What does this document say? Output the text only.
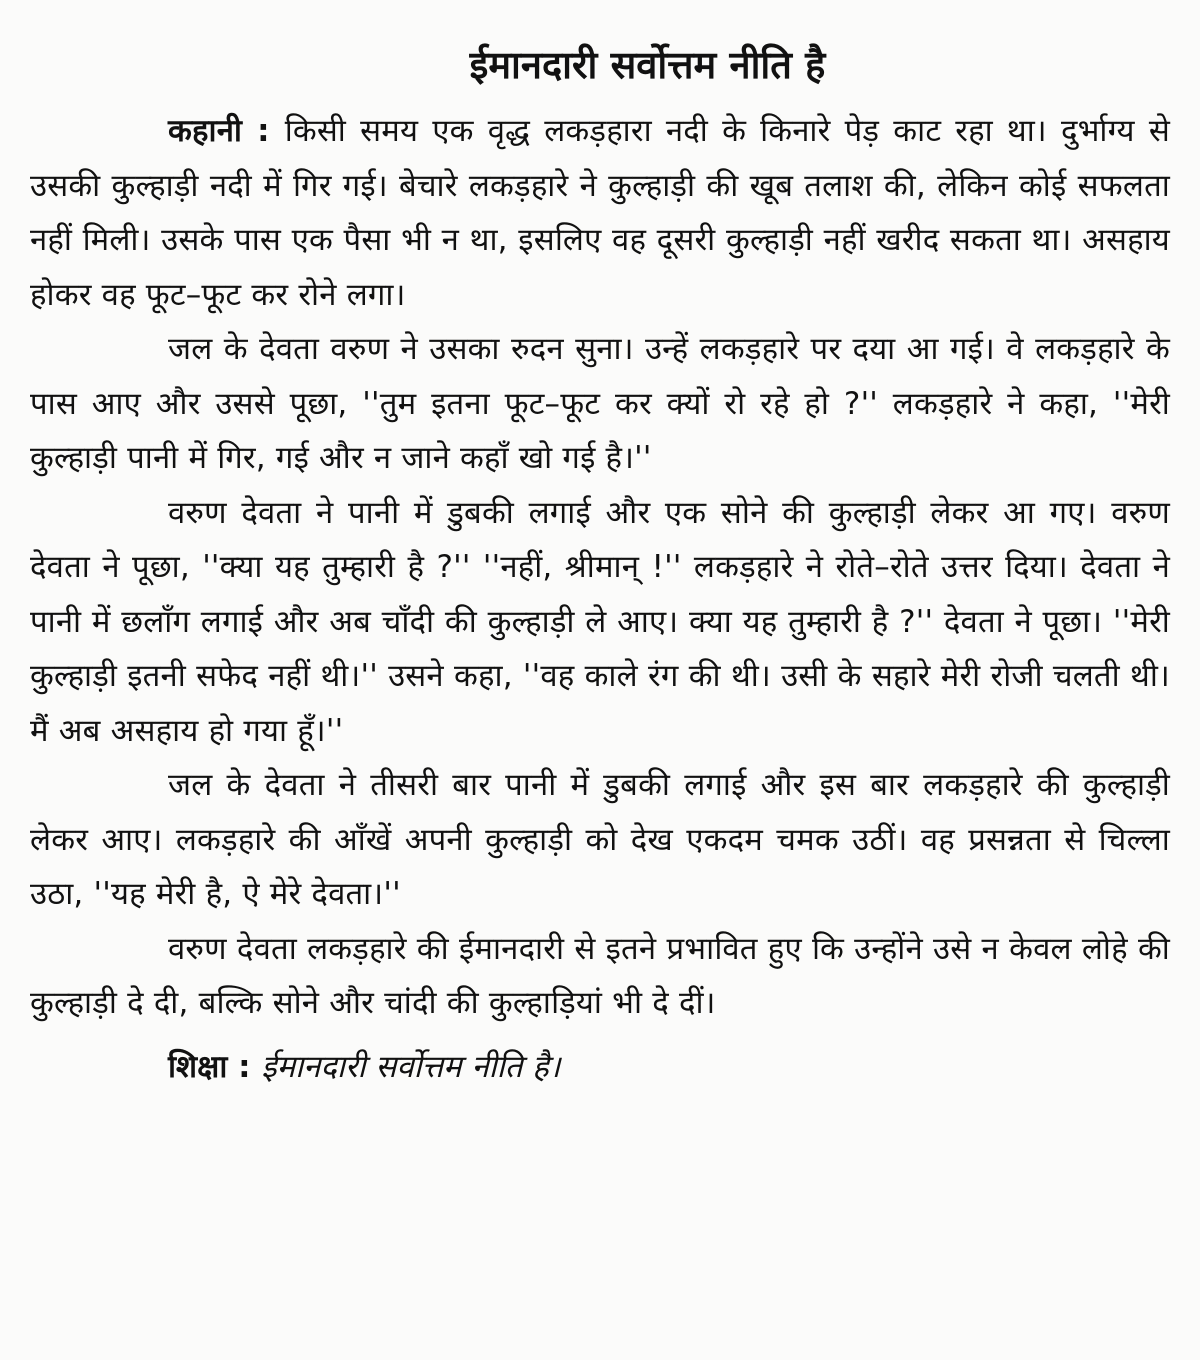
ईमानदारी सर्वोत्तम नीति है

कहानी : किसी समय एक वृद्ध लकड़हारा नदी के किनारे पेड़ काट रहा था। दुर्भाग्य से उसकी कुल्हाड़ी नदी में गिर गई। बेचारे लकड़हारे ने कुल्हाड़ी की खूब तलाश की, लेकिन कोई सफलता नहीं मिली। उसके पास एक पैसा भी न था, इसलिए वह दूसरी कुल्हाड़ी नहीं खरीद सकता था। असहाय होकर वह फूट–फूट कर रोने लगा।

जल के देवता वरुण ने उसका रुदन सुना। उन्हें लकड़हारे पर दया आ गई। वे लकड़हारे के पास आए और उससे पूछा, ''तुम इतना फूट–फूट कर क्यों रो रहे हो ?'' लकड़हारे ने कहा, ''मेरी कुल्हाड़ी पानी में गिर, गई और न जाने कहाँ खो गई है।''

वरुण देवता ने पानी में डुबकी लगाई और एक सोने की कुल्हाड़ी लेकर आ गए। वरुण देवता ने पूछा, ''क्या यह तुम्हारी है ?'' ''नहीं, श्रीमान् !'' लकड़हारे ने रोते–रोते उत्तर दिया। देवता ने पानी में छलाँग लगाई और अब चाँदी की कुल्हाड़ी ले आए। क्या यह तुम्हारी है ?'' देवता ने पूछा। ''मेरी कुल्हाड़ी इतनी सफेद नहीं थी।'' उसने कहा, ''वह काले रंग की थी। उसी के सहारे मेरी रोजी चलती थी। मैं अब असहाय हो गया हूँ।''

जल के देवता ने तीसरी बार पानी में डुबकी लगाई और इस बार लकड़हारे की कुल्हाड़ी लेकर आए। लकड़हारे की आँखें अपनी कुल्हाड़ी को देख एकदम चमक उठीं। वह प्रसन्नता से चिल्ला उठा, ''यह मेरी है, ऐ मेरे देवता।''

वरुण देवता लकड़हारे की ईमानदारी से इतने प्रभावित हुए कि उन्होंने उसे न केवल लोहे की कुल्हाड़ी दे दी, बल्कि सोने और चांदी की कुल्हाड़ियां भी दे दीं।

शिक्षा : ईमानदारी सर्वोत्तम नीति है।
